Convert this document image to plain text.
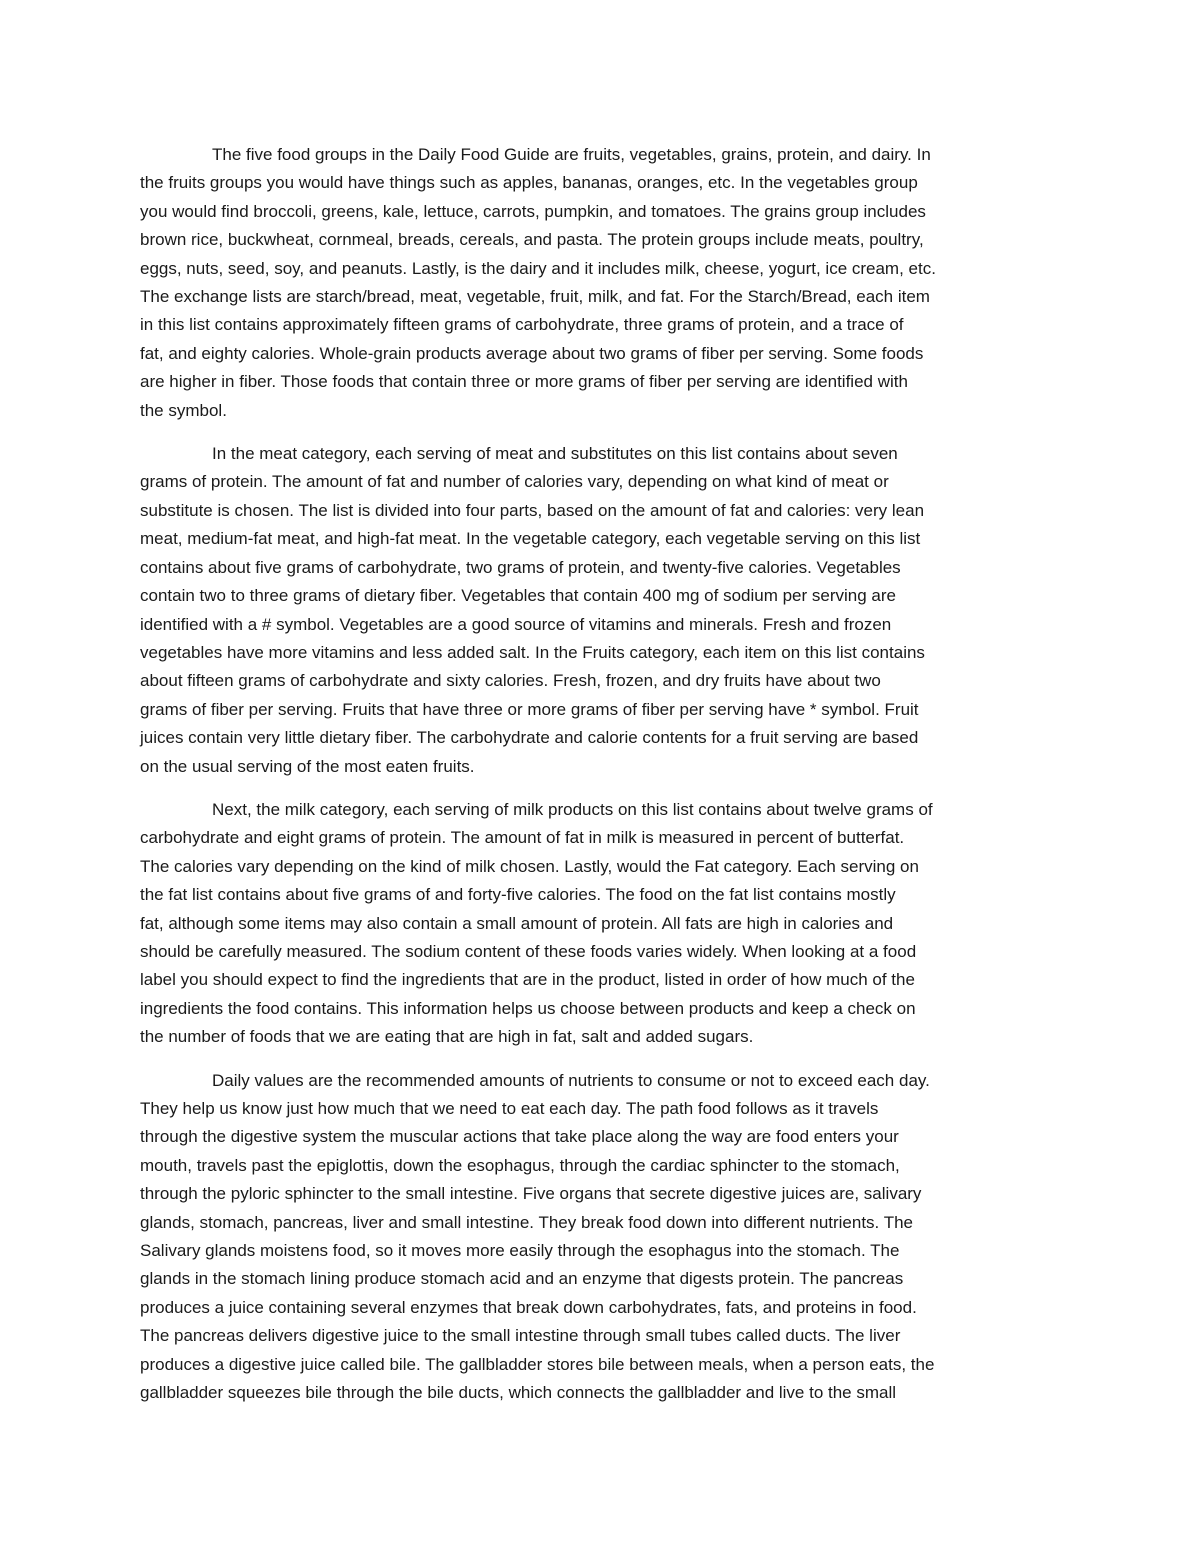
The five food groups in the Daily Food Guide are fruits, vegetables, grains, protein, and dairy. In
the fruits groups you would have things such as apples, bananas, oranges, etc. In the vegetables group
you would find broccoli, greens, kale, lettuce, carrots, pumpkin, and tomatoes. The grains group includes
brown rice, buckwheat, cornmeal, breads, cereals, and pasta. The protein groups include meats, poultry,
eggs, nuts, seed, soy, and peanuts. Lastly, is the dairy and it includes milk, cheese, yogurt, ice cream, etc.
The exchange lists are starch/bread, meat, vegetable, fruit, milk, and fat. For the Starch/Bread, each item
in this list contains approximately fifteen grams of carbohydrate, three grams of protein, and a trace of
fat, and eighty calories. Whole-grain products average about two grams of fiber per serving. Some foods
are higher in fiber. Those foods that contain three or more grams of fiber per serving are identified with
the symbol.
In the meat category, each serving of meat and substitutes on this list contains about seven
grams of protein. The amount of fat and number of calories vary, depending on what kind of meat or
substitute is chosen. The list is divided into four parts, based on the amount of fat and calories: very lean
meat, medium-fat meat, and high-fat meat. In the vegetable category, each vegetable serving on this list
contains about five grams of carbohydrate, two grams of protein, and twenty-five calories. Vegetables
contain two to three grams of dietary fiber. Vegetables that contain 400 mg of sodium per serving are
identified with a # symbol. Vegetables are a good source of vitamins and minerals. Fresh and frozen
vegetables have more vitamins and less added salt. In the Fruits category, each item on this list contains
about fifteen grams of carbohydrate and sixty calories. Fresh, frozen, and dry fruits have about two
grams of fiber per serving. Fruits that have three or more grams of fiber per serving have * symbol. Fruit
juices contain very little dietary fiber. The carbohydrate and calorie contents for a fruit serving are based
on the usual serving of the most eaten fruits.
Next, the milk category, each serving of milk products on this list contains about twelve grams of
carbohydrate and eight grams of protein. The amount of fat in milk is measured in percent of butterfat.
The calories vary depending on the kind of milk chosen. Lastly, would the Fat category. Each serving on
the fat list contains about five grams of and forty-five calories. The food on the fat list contains mostly
fat, although some items may also contain a small amount of protein. All fats are high in calories and
should be carefully measured. The sodium content of these foods varies widely. When looking at a food
label you should expect to find the ingredients that are in the product, listed in order of how much of the
ingredients the food contains. This information helps us choose between products and keep a check on
the number of foods that we are eating that are high in fat, salt and added sugars.
Daily values are the recommended amounts of nutrients to consume or not to exceed each day.
They help us know just how much that we need to eat each day. The path food follows as it travels
through the digestive system the muscular actions that take place along the way are food enters your
mouth, travels past the epiglottis, down the esophagus, through the cardiac sphincter to the stomach,
through the pyloric sphincter to the small intestine. Five organs that secrete digestive juices are, salivary
glands, stomach, pancreas, liver and small intestine. They break food down into different nutrients. The
Salivary glands moistens food, so it moves more easily through the esophagus into the stomach. The
glands in the stomach lining produce stomach acid and an enzyme that digests protein. The pancreas
produces a juice containing several enzymes that break down carbohydrates, fats, and proteins in food.
The pancreas delivers digestive juice to the small intestine through small tubes called ducts. The liver
produces a digestive juice called bile. The gallbladder stores bile between meals, when a person eats, the
gallbladder squeezes bile through the bile ducts, which connects the gallbladder and live to the small
